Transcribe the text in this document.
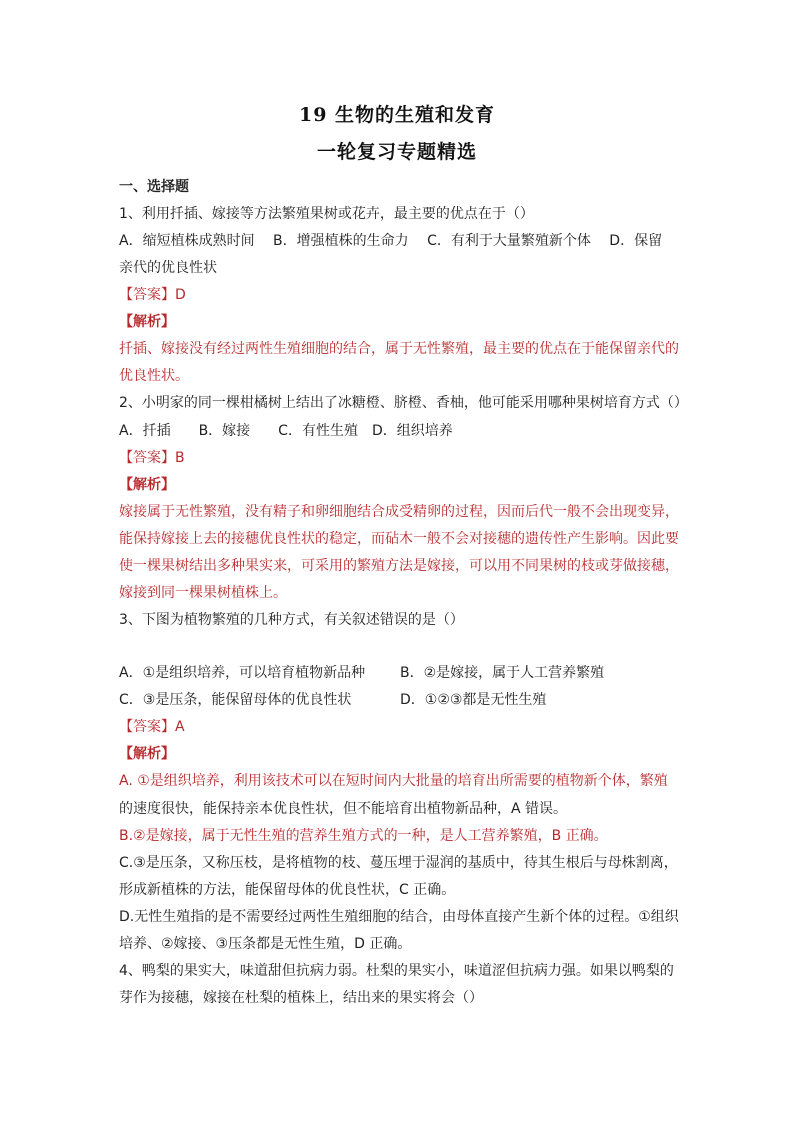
19 生物的生殖和发育
一轮复习专题精选
一、选择题
1、利用扦插、嫁接等方法繁殖果树或花卉，最主要的优点在于（）
A．缩短植株成熟时间　 B．增强植株的生命力　 C．有利于大量繁殖新个体　 D．保留
亲代的优良性状
【答案】D
【解析】
扦插、嫁接没有经过两性生殖细胞的结合，属于无性繁殖，最主要的优点在于能保留亲代的
优良性状。
2、小明家的同一棵柑橘树上结出了冰糖橙、脐橙、香柚，他可能采用哪种果树培育方式（）
A．扦插　　B．嫁接　　C．有性生殖　D．组织培养
【答案】B
【解析】
嫁接属于无性繁殖，没有精子和卵细胞结合成受精卵的过程，因而后代一般不会出现变异，
能保持嫁接上去的接穗优良性状的稳定，而砧木一般不会对接穗的遗传性产生影响。因此要
使一棵果树结出多种果实来，可采用的繁殖方法是嫁接，可以用不同果树的枝或芽做接穗，
嫁接到同一棵果树植株上。
3、下图为植物繁殖的几种方式，有关叙述错误的是（）
A．①是组织培养，可以培育植物新品种 B．②是嫁接，属于人工营养繁殖
C．③是压条，能保留母体的优良性状	D．①②③都是无性生殖
【答案】A
【解析】
A. ①是组织培养，利用该技术可以在短时间内大批量的培育出所需要的植物新个体，繁殖
的速度很快，能保持亲本优良性状，但不能培育出植物新品种，A 错误。
B.②是嫁接，属于无性生殖的营养生殖方式的一种，是人工营养繁殖，B 正确。
C.③是压条，又称压枝，是将植物的枝、蔓压埋于湿润的基质中，待其生根后与母株割离，
形成新植株的方法，能保留母体的优良性状，C 正确。
D.无性生殖指的是不需要经过两性生殖细胞的结合，由母体直接产生新个体的过程。①组织
培养、②嫁接、③压条都是无性生殖，D 正确。
4、鸭梨的果实大，味道甜但抗病力弱。杜梨的果实小，味道涩但抗病力强。如果以鸭梨的
芽作为接穗，嫁接在杜梨的植株上，结出来的果实将会（）
